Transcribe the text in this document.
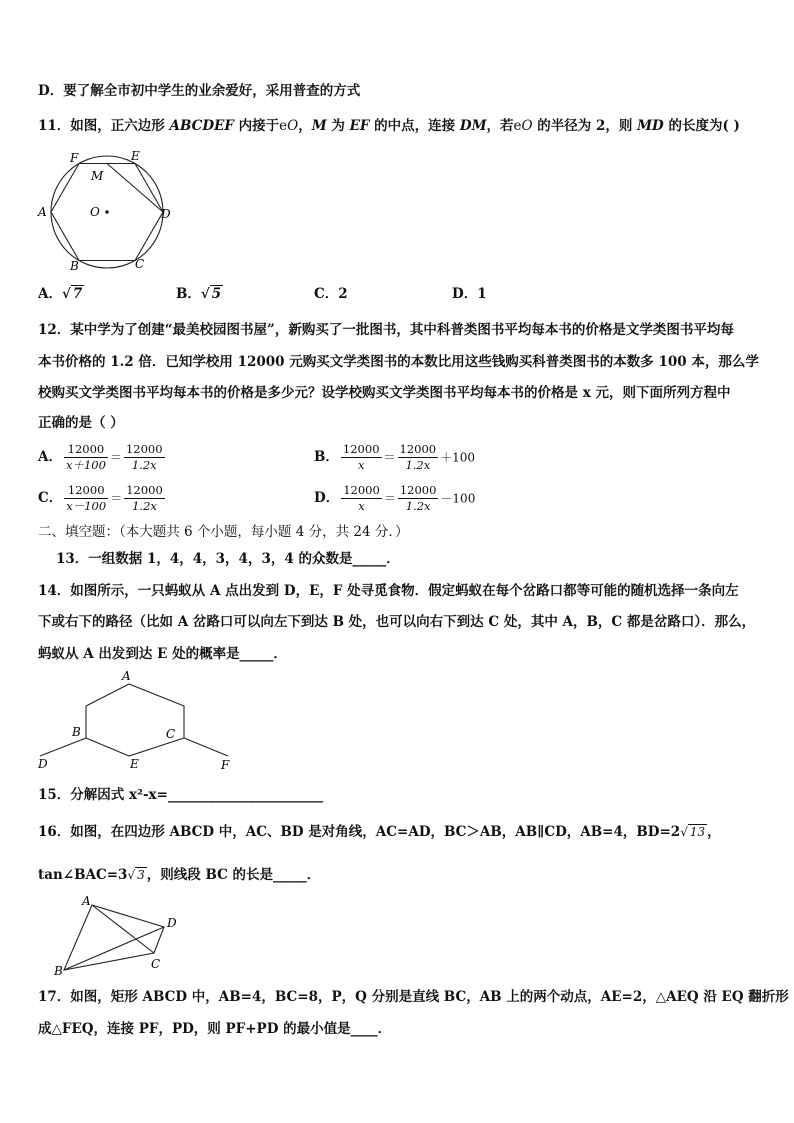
D．要了解全市初中学生的业余爱好，采用普查的方式
11．如图，正六边形 ABCDEF 内接于e𝑂，M 为 EF 的中点，连接 DM，若e𝑂 的半径为 2，则 MD 的长度为( )
F	E
M
A	O	D
B	C
A．√ 7	B．√ 5	C．2	D．1
12．某中学为了创建“最美校园图书屋”，新购买了一批图书，其中科普类图书平均每本书的价格是文学类图书平均每
本书价格的 1.2 倍．已知学校用 12000 元购买文学类图书的本数比用这些钱购买科普类图书的本数多 100 本，那么学
校购买文学类图书平均每本书的价格是多少元？设学校购买文学类图书平均每本书的价格是 x 元，则下面所列方程中
正确的是（ ）
A． $\frac{12000}{x+100} = \frac{12000}{1.2x}$	B． $\frac{12000}{x} = \frac{12000}{1.2x} +100$
C． $\frac{12000}{x-100} = \frac{12000}{1.2x}$	D． $\frac{12000}{x} = \frac{12000}{1.2x} -100$
二、填空题：（本大题共 6 个小题，每小题 4 分，共 24 分．）
13．一组数据 1，4，4，3，4，3，4 的众数是_____．
14．如图所示，一只蚂蚁从 A 点出发到 D，E，F 处寻觅食物．假定蚂蚁在每个岔路口都等可能的随机选择一条向左
下或右下的路径（比如 A 岔路口可以向左下到达 B 处，也可以向右下到达 C 处，其中 A，B，C 都是岔路口）．那么，
蚂蚁从 A 出发到达 E 处的概率是_____．
A
B	C
D	E	F
15．分解因式 x²-x=_______________________
16．如图，在四边形 ABCD 中，AC、BD 是对角线，AC=AD，BC＞AB，AB∥CD，AB=4，BD=2√ 13 ，
tan∠BAC=3√ 3 ，则线段 BC 的长是_____．
A
D
C
B
17．如图，矩形 ABCD 中，AB=4，BC=8，P，Q 分别是直线 BC，AB 上的两个动点，AE=2，△AEQ 沿 EQ 翻折形
成△FEQ，连接 PF，PD，则 PF+PD 的最小值是____．
